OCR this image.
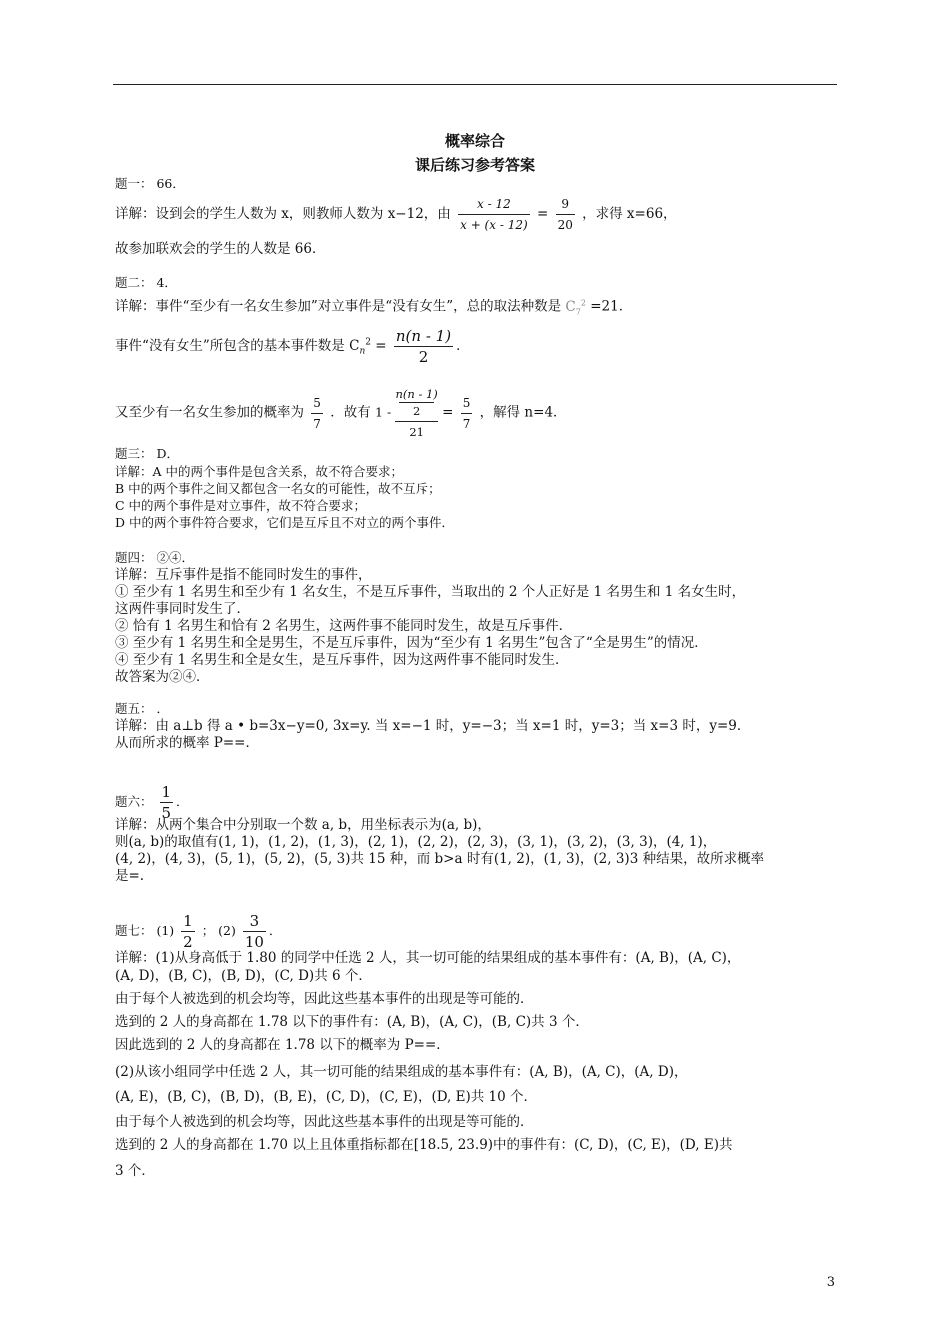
概率综合
课后练习参考答案
题一： 66．
详解：设到会的学生人数为 x，则教师人数为 x−12，由 $\frac{x - 12}{x + (x - 12)} = \frac{9}{20}$ ，求得 x=66，
故参加联欢会的学生的人数是 66．
题二： 4．
详解：事件“至少有一名女生参加”对立事件是“没有女生”，总的取法种数是 $C_7^2 =21$．
事件“没有女生”所包含的基本事件数是 $C_n^2 = \frac{n(n - 1)}{2}$ ．
又至少有一名女生参加的概率为 $\frac{5}{7}$ ．故有 1 - n(n - 1)
2
$21 = \frac{5}{7}$ ，解得 n=4．
题三： D．
详解：A 中的两个事件是包含关系，故不符合要求；
B 中的两个事件之间又都包含一名女的可能性，故不互斥；
C 中的两个事件是对立事件，故不符合要求；
D 中的两个事件符合要求，它们是互斥且不对立的两个事件．
题四： ②④．
详解：互斥事件是指不能同时发生的事件，
① 至少有 1 名男生和至少有 1 名女生，不是互斥事件，当取出的 2 个人正好是 1 名男生和 1 名女生时，
这两件事同时发生了．
② 恰有 1 名男生和恰有 2 名男生，这两件事不能同时发生，故是互斥事件．
③ 至少有 1 名男生和全是男生，不是互斥事件，因为“至少有 1 名男生”包含了“全是男生”的情况．
④ 至少有 1 名男生和全是女生，是互斥事件，因为这两件事不能同时发生．
故答案为②④．
题五： ．
详解：由 a⊥b 得 a • b=3x−y=0, 3x=y. 当 x=−1 时，y=−3；当 x=1 时，y=3；当 x=3 时，y=9．
从而所求的概率 P==．
题六： $\frac{1}{5}$ ．
详解：从两个集合中分别取一个数 a, b，用坐标表示为(a, b)，
则(a, b)的取值有(1, 1)，(1, 2)，(1, 3)，(2, 1)，(2, 2)，(2, 3)，(3, 1)，(3, 2)，(3, 3)，(4, 1)，
(4, 2)，(4, 3)，(5, 1)，(5, 2)，(5, 3)共 15 种，而 b>a 时有(1, 2)，(1, 3)，(2, 3)3 种结果，故所求概率
是=.
题七： $(1) \frac{1}{2}$ ； $(2) \frac{3}{10}$ ．
详解：(1)从身高低于 1.80 的同学中任选 2 人，其一切可能的结果组成的基本事件有：(A, B)，(A, C)，
(A, D)，(B, C)，(B, D)，(C, D)共 6 个．
由于每个人被选到的机会均等，因此这些基本事件的出现是等可能的．
选到的 2 人的身高都在 1.78 以下的事件有：(A, B)，(A, C)，(B, C)共 3 个．
因此选到的 2 人的身高都在 1.78 以下的概率为 P==．
(2)从该小组同学中任选 2 人，其一切可能的结果组成的基本事件有：(A, B)，(A, C)，(A, D)，
(A, E)，(B, C)，(B, D)，(B, E)，(C, D)，(C, E)，(D, E)共 10 个．
由于每个人被选到的机会均等，因此这些基本事件的出现是等可能的．
选到的 2 人的身高都在 1.70 以上且体重指标都在[18.5, 23.9)中的事件有：(C, D)，(C, E)，(D, E)共
3 个．
3
